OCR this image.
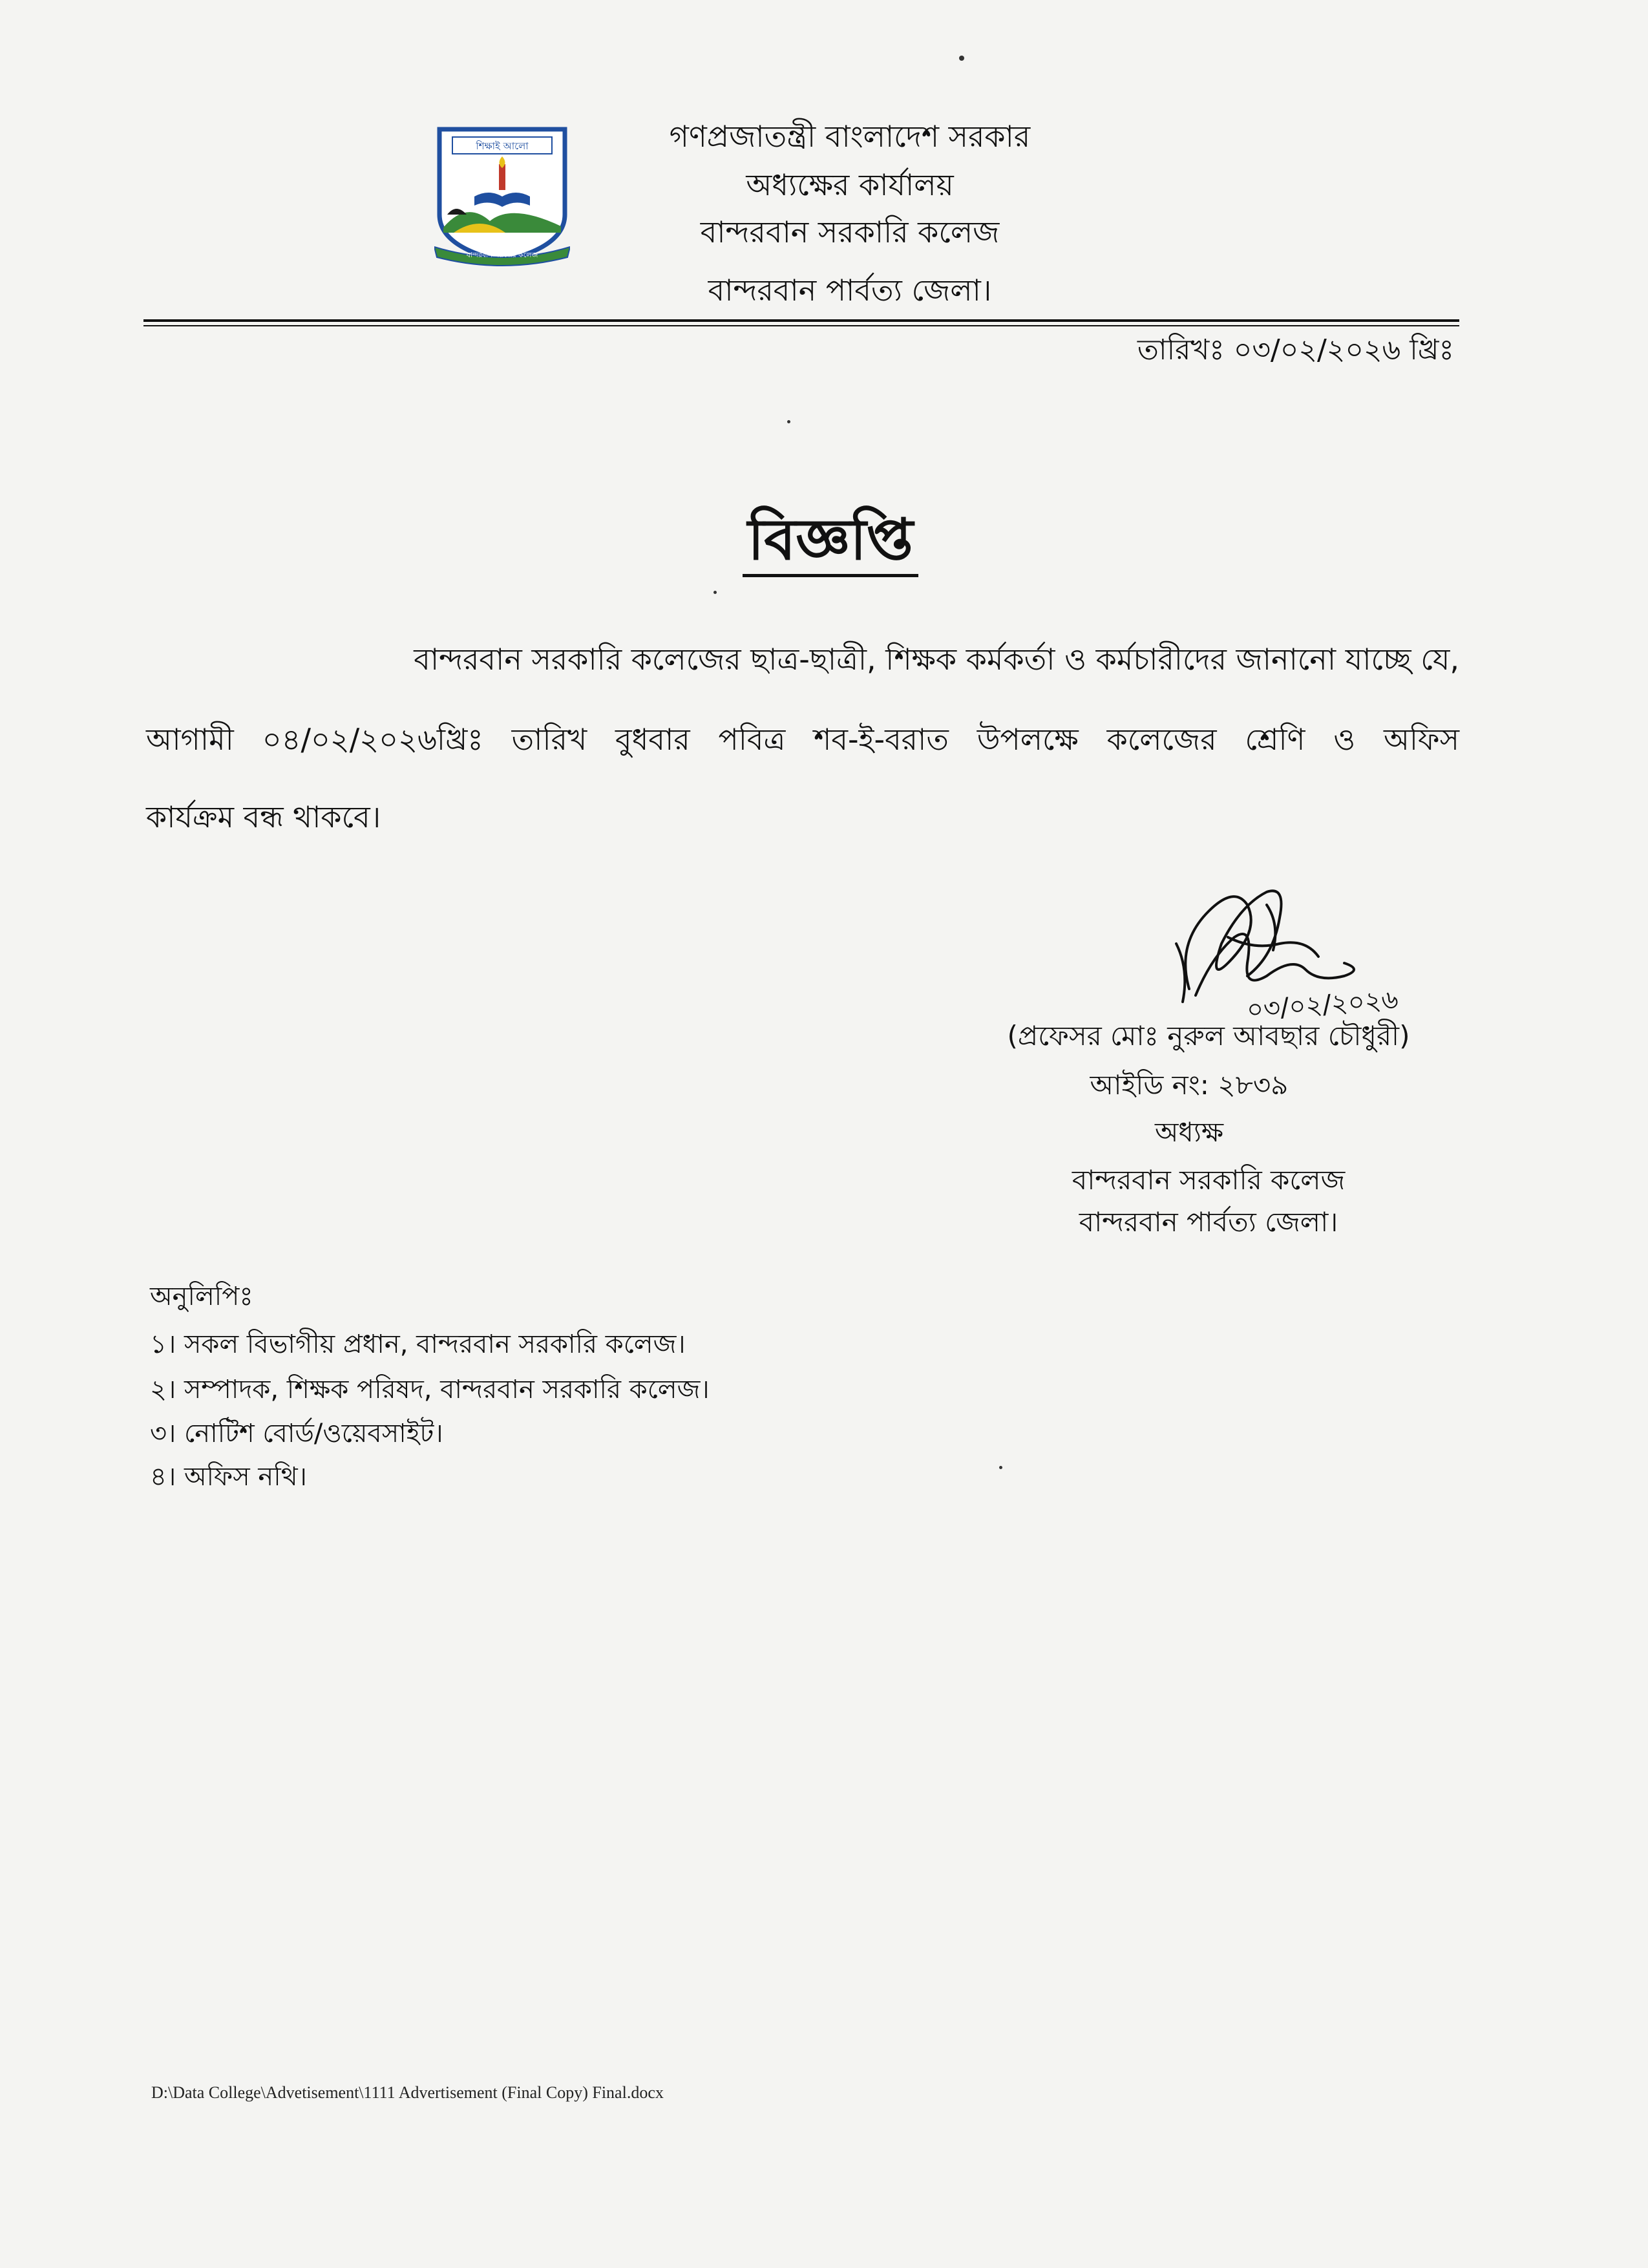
শিক্ষাই আলো
বান্দরবান সরকারি কলেজ
গণপ্রজাতন্ত্রী বাংলাদেশ সরকার
অধ্যক্ষের কার্যালয়
বান্দরবান সরকারি কলেজ
বান্দরবান পার্বত্য জেলা।
তারিখঃ ০৩/০২/২০২৬ খ্রিঃ
বিজ্ঞপ্তি
বান্দরবান সরকারি কলেজের ছাত্র-ছাত্রী, শিক্ষক কর্মকর্তা ও কর্মচারীদের জানানো যাচ্ছে যে,
আগামী ০৪/০২/২০২৬খ্রিঃ তারিখ বুধবার পবিত্র শব-ই-বরাত উপলক্ষে কলেজের শ্রেণি ও অফিস
কার্যক্রম বন্ধ থাকবে।
০৩/০২/২০২৬
(প্রফেসর মোঃ নুরুল আবছার চৌধুরী)
আইডি নং: ২৮৩৯
অধ্যক্ষ
বান্দরবান সরকারি কলেজ
বান্দরবান পার্বত্য জেলা।
অনুলিপিঃ
১। সকল বিভাগীয় প্রধান, বান্দরবান সরকারি কলেজ।
২। সম্পাদক, শিক্ষক পরিষদ, বান্দরবান সরকারি কলেজ।
৩। নোটিশ বোর্ড/ওয়েবসাইট।
৪। অফিস নথি।
D:\Data College\Advetisement\1111 Advertisement (Final Copy) Final.docx
